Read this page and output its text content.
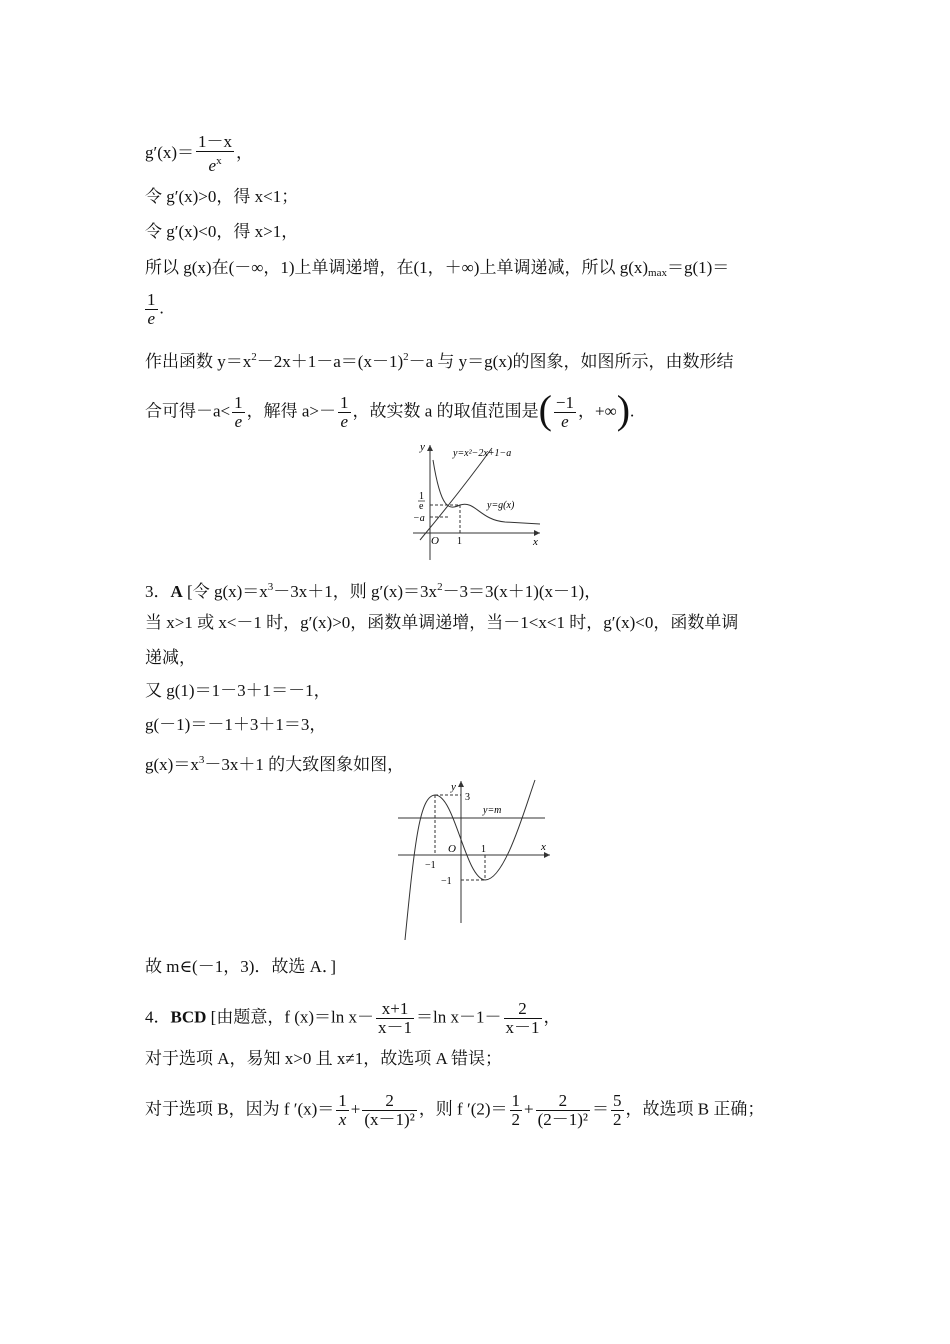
$g'(x)= \frac{1-x}{e^x}$ ，
令 g′(x)>0，得 x<1；
令 g′(x)<0，得 x>1，
所以 g(x)在(－∞，1)上单调递增，在(1，＋∞)上单调递减，所以 $g(x)_{max}=g(1)=$
$\frac{1}{e}$ .
作出函数 $y=x^2-2x+1-a=(x-1)^2-a$ 与 y＝g(x)的图象，如图所示，由数形结
合可得$-a< \frac{1}{e}$ ，解得 $a>- \frac{1}{e}$ ，故实数 a 的取值范围是( $\frac{-1}{e}$ ，+∞).
y
x
O
y=x²−2x+1−a
y=g(x)
1
e
−a
1
3．A [令 $g(x)=x^3-3x+1$，则 $g'(x)=3x^2-3=3(x+1)(x-1)$，
当 x>1 或 x<－1 时，g′(x)>0，函数单调递增，当－1<x<1 时，g′(x)<0，函数单调
递减，
又 g(1)＝1－3＋1＝－1，
g(－1)＝－1＋3＋1＝3，
$g(x)=x^3-3x+1$ 的大致图象如图，
y
x
O
y=m
3
−1
1
−1
故 m∈(－1，3)．故选 A．]
4．BCD [由题意，f (x)＝ln $x- \frac{x+1}{x-1} =\ln$ $x-1- \frac{2}{x-1}$ ，
对于选项 A，易知 x>0 且 x≠1，故选项 A 错误；
对于选项 B，因为 f $'(x)= \frac{1}{x} + \frac{2}{\text{(x－1)²}}$ ，则 f $'(2)= \frac{1}{2} + \frac{2}{\text{(2－1)²}} = \frac{5}{2}$ ，故选项 B 正确；
